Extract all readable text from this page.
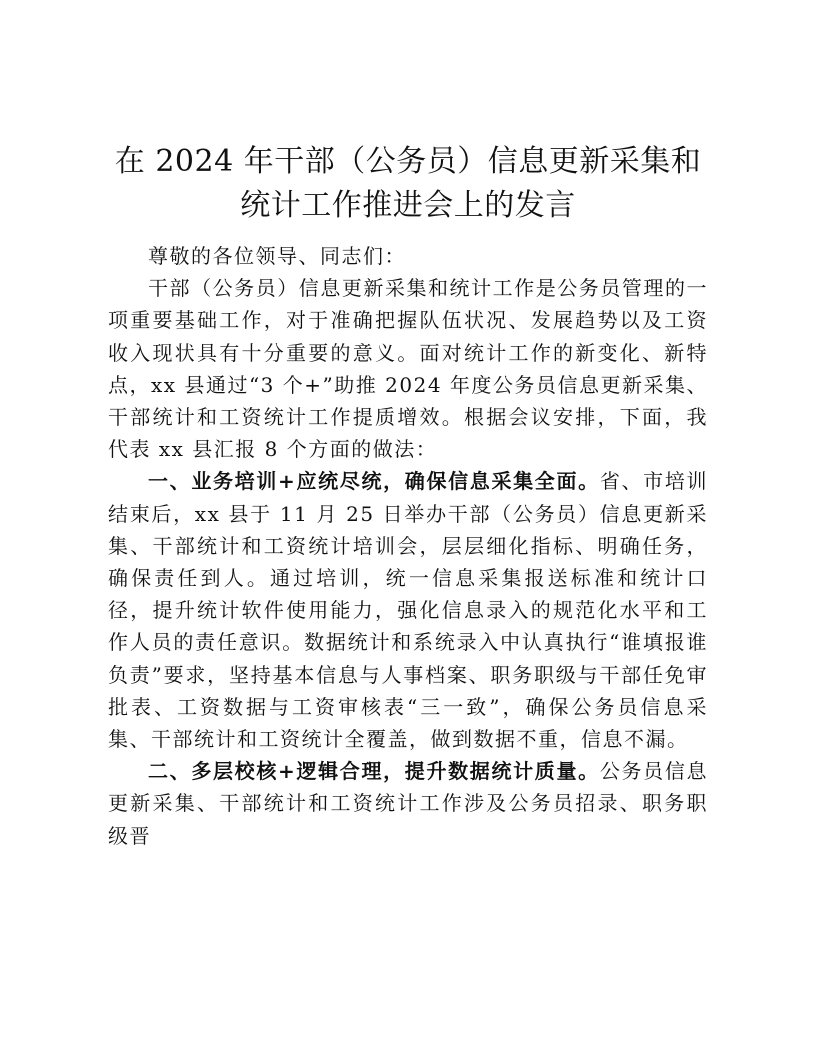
在 2024 年干部（公务员）信息更新采集和统计工作推进会上的发言

尊敬的各位领导、同志们：

干部（公务员）信息更新采集和统计工作是公务员管理的一项重要基础工作，对于准确把握队伍状况、发展趋势以及工资收入现状具有十分重要的意义。面对统计工作的新变化、新特点，xx 县通过“3 个+”助推 2024 年度公务员信息更新采集、干部统计和工资统计工作提质增效。根据会议安排，下面，我代表 xx 县汇报 8 个方面的做法：

一、业务培训+应统尽统，确保信息采集全面。省、市培训结束后，xx 县于 11 月 25 日举办干部（公务员）信息更新采集、干部统计和工资统计培训会，层层细化指标、明确任务，确保责任到人。通过培训，统一信息采集报送标准和统计口径，提升统计软件使用能力，强化信息录入的规范化水平和工作人员的责任意识。数据统计和系统录入中认真执行“谁填报谁负责”要求，坚持基本信息与人事档案、职务职级与干部任免审批表、工资数据与工资审核表“三一致”，确保公务员信息采集、干部统计和工资统计全覆盖，做到数据不重，信息不漏。

二、多层校核+逻辑合理，提升数据统计质量。公务员信息更新采集、干部统计和工资统计工作涉及公务员招录、职务职级晋
